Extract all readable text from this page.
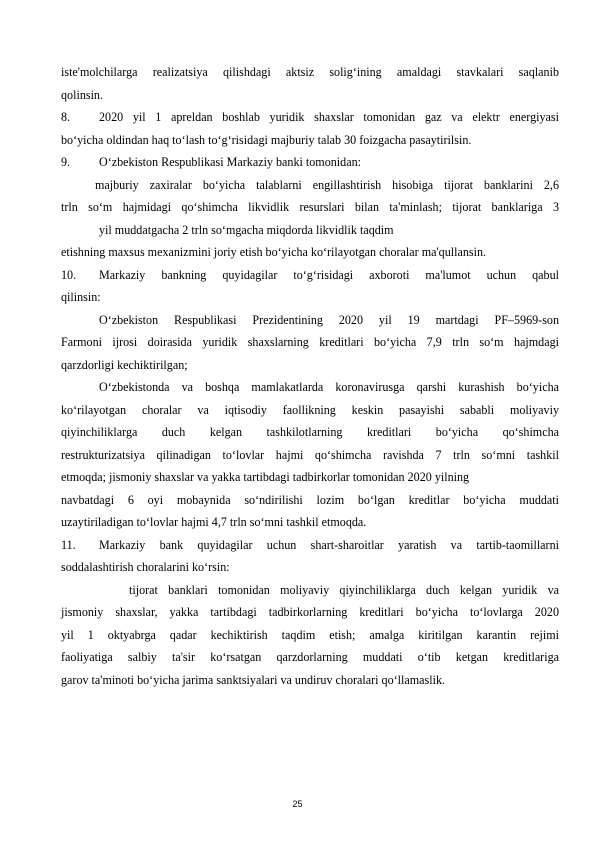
iste'molchilarga realizatsiya qilishdagi aktsiz solig‘ining amaldagi stavkalari saqlanib

qolinsin.

8. 2020 yil 1 apreldan boshlab yuridik shaxslar tomonidan gaz va elektr energiyasi

bo‘yicha oldindan haq to‘lash to‘g‘risidagi majburiy talab 30 foizgacha pasaytirilsin.

9. O‘zbekiston Respublikasi Markaziy banki tomonidan:

majburiy zaxiralar bo‘yicha talablarni engillashtirish hisobiga tijorat banklarini 2,6

trln so‘m hajmidagi qo‘shimcha likvidlik resurslari bilan ta'minlash; tijorat banklariga 3

yil muddatgacha 2 trln so‘mgacha miqdorda likvidlik taqdim

etishning maxsus mexanizmini joriy etish bo‘yicha ko‘rilayotgan choralar ma'qullansin.

10. Markaziy bankning quyidagilar to‘g‘risidagi axboroti ma'lumot uchun qabul

qilinsin:

O‘zbekiston Respublikasi Prezidentining 2020 yil 19 martdagi PF–5969-son

Farmoni ijrosi doirasida yuridik shaxslarning kreditlari bo‘yicha 7,9 trln so‘m hajmdagi

qarzdorligi kechiktirilgan;

O‘zbekistonda va boshqa mamlakatlarda koronavirusga qarshi kurashish bo‘yicha

ko‘rilayotgan choralar va iqtisodiy faollikning keskin pasayishi sababli moliyaviy

qiyinchiliklarga duch kelgan tashkilotlarning kreditlari bo‘yicha qo‘shimcha

restrukturizatsiya qilinadigan to‘lovlar hajmi qo‘shimcha ravishda 7 trln so‘mni tashkil

etmoqda; jismoniy shaxslar va yakka tartibdagi tadbirkorlar tomonidan 2020 yilning

navbatdagi 6 oyi mobaynida so‘ndirilishi lozim bo‘lgan kreditlar bo‘yicha muddati

uzaytiriladigan to‘lovlar hajmi 4,7 trln so‘mni tashkil etmoqda.

11. Markaziy bank quyidagilar uchun shart-sharoitlar yaratish va tartib-taomillarni

soddalashtirish choralarini ko‘rsin:

tijorat banklari tomonidan moliyaviy qiyinchiliklarga duch kelgan yuridik va

jismoniy shaxslar, yakka tartibdagi tadbirkorlarning kreditlari bo‘yicha to‘lovlarga 2020

yil 1 oktyabrga qadar kechiktirish taqdim etish; amalga kiritilgan karantin rejimi

faoliyatiga salbiy ta'sir ko‘rsatgan qarzdorlarning muddati o‘tib ketgan kreditlariga

garov ta'minoti bo‘yicha jarima sanktsiyalari va undiruv choralari qo‘llamaslik.

25
